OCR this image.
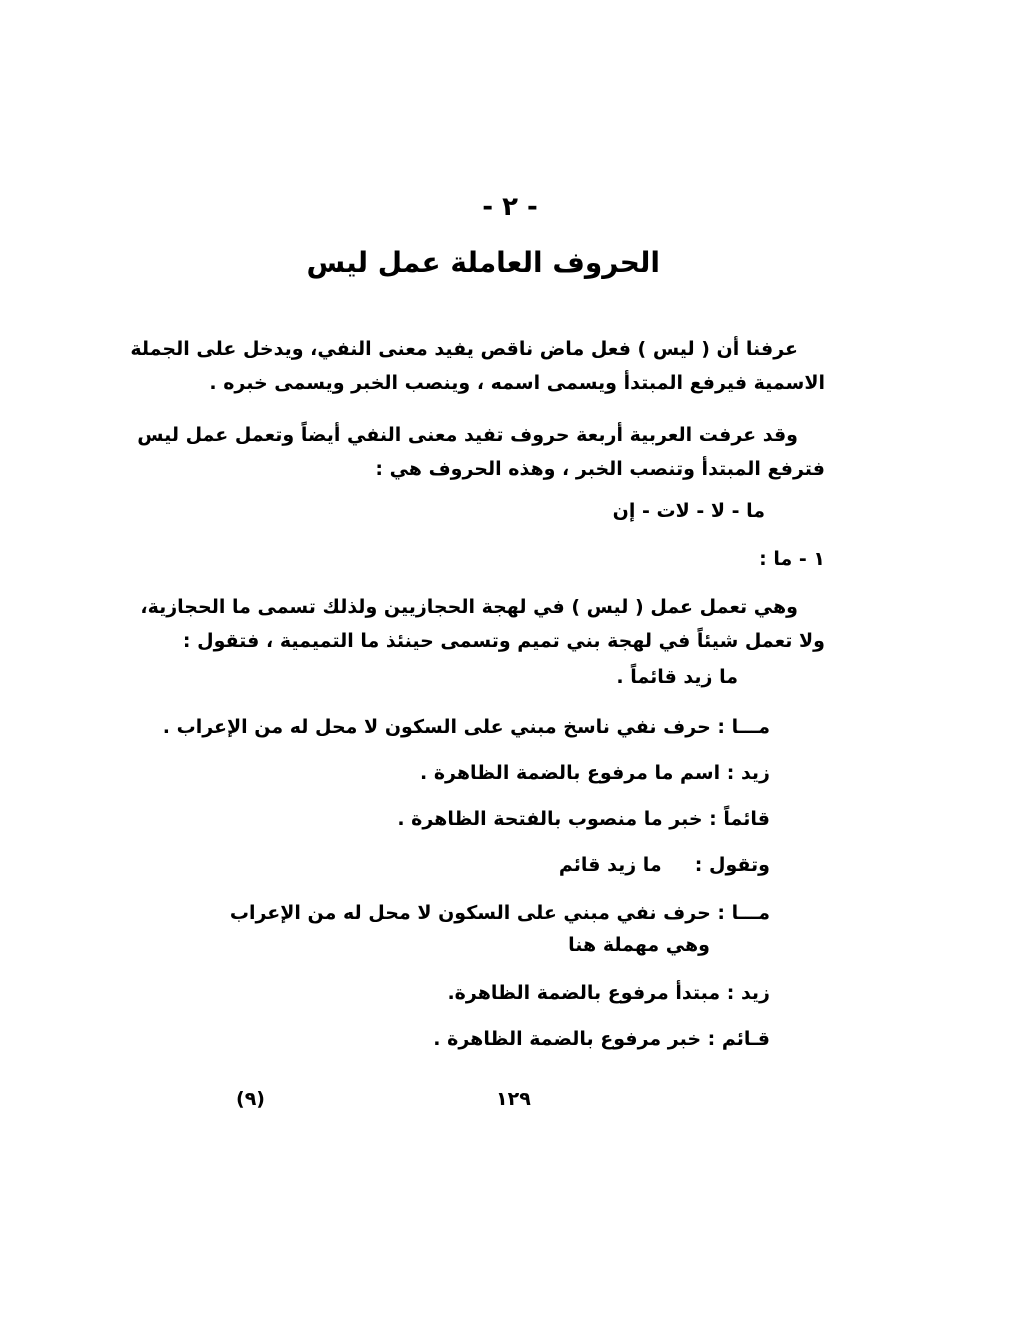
- ٢ -
الحروف العاملة عمل ليس
عرفنا أن ( ليس ) فعل ماض ناقص يفيد معنى النفي، ويدخل على الجملة
الاسمية فيرفع المبتدأ ويسمى اسمه ، وينصب الخبر ويسمى خبره .
وقد عرفت العربية أربعة حروف تفيد معنى النفي أيضاً وتعمل عمل ليس
فترفع المبتدأ وتنصب الخبر ، وهذه الحروف هي :
ما - لا - لات - إن
١ - ما :
وهي تعمل عمل ( ليس ) في لهجة الحجازيين ولذلك تسمى ما الحجازية،
ولا تعمل شيئاً في لهجة بني تميم وتسمى حينئذ ما التميمية ، فتقول :
ما زيد قائماً .
مـــا : حرف نفي ناسخ مبني على السكون لا محل له من الإعراب .
زيد : اسم ما مرفوع بالضمة الظاهرة .
قائماً : خبر ما منصوب بالفتحة الظاهرة .
وتقول :     ما زيد قائم
مـــا : حرف نفي مبني على السكون لا محل له من الإعراب
وهي مهملة هنا
زيد : مبتدأ مرفوع بالضمة الظاهرة.
قـائم : خبر مرفوع بالضمة الظاهرة .
(٩)	١٢٩
